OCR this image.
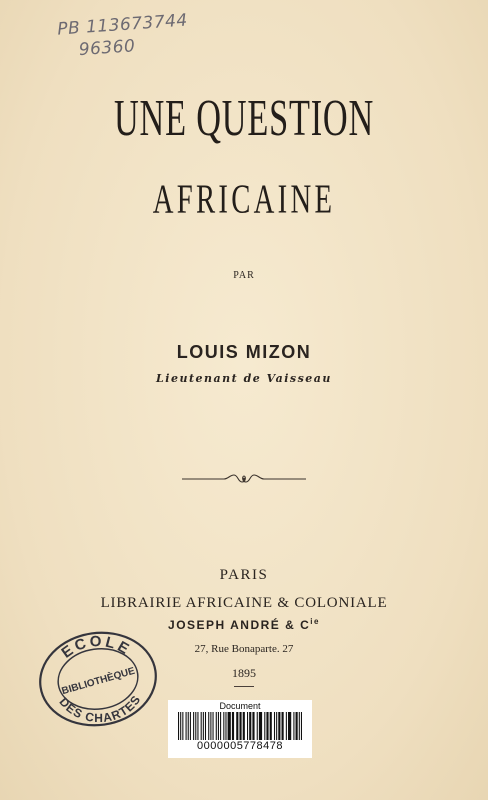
PB 113673744
96360
UNE QUESTION
AFRICAINE
PAR
LOUIS MIZON
Lieutenant de Vaisseau
PARIS
LIBRAIRIE AFRICAINE & COLONIALE
JOSEPH ANDRÉ & $C^{ie}$
27, Rue Bonaparte. 27
1895
ECOLE
BIBLIOTHÈQUE
DES CHARTES	Document
0000005778478
